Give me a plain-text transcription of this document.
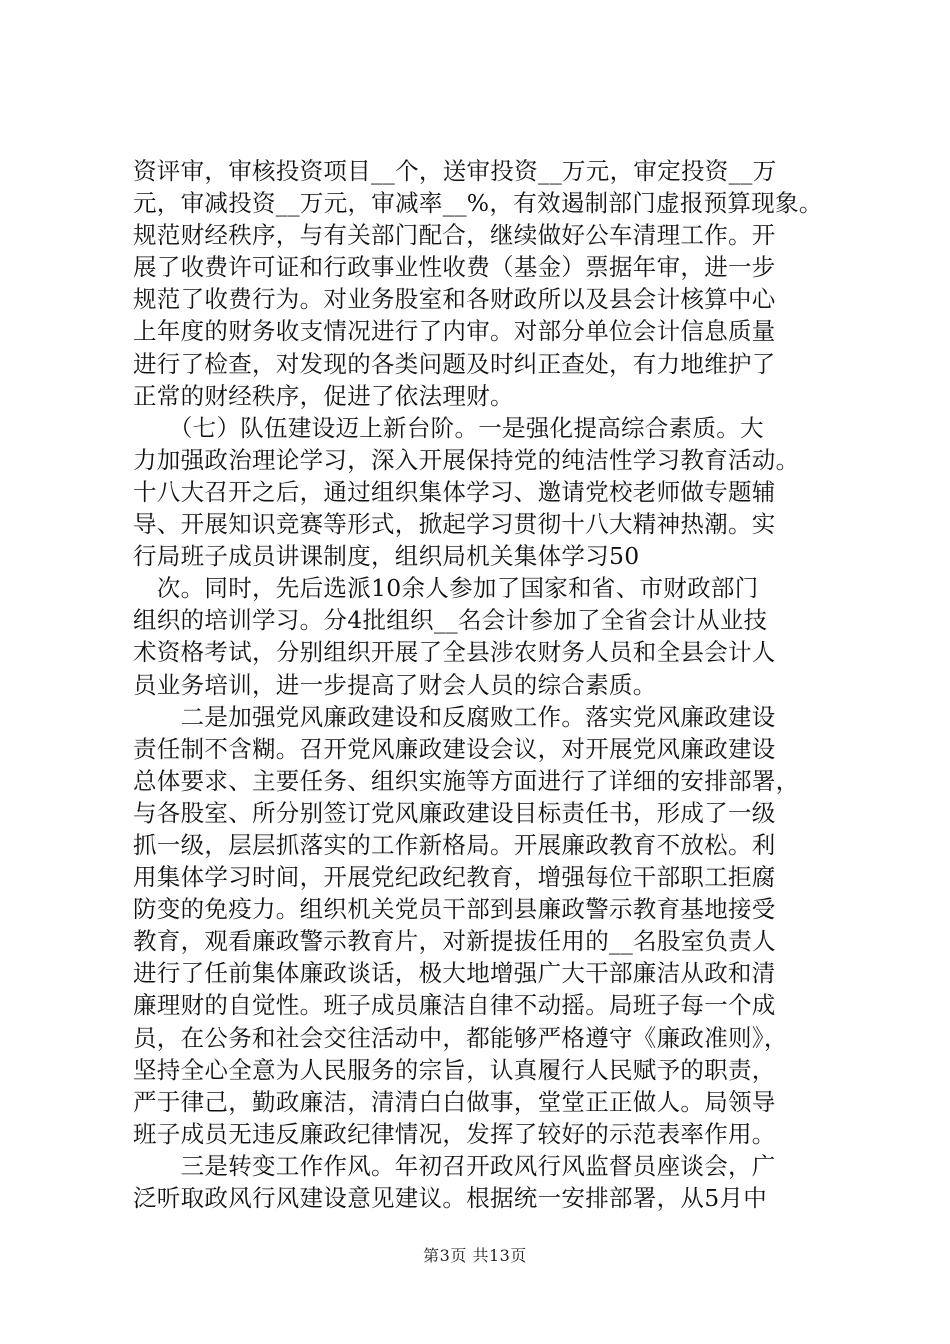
资评审，审核投资项目__个，送审投资__万元，审定投资__万
元，审减投资__万元，审减率__%，有效遏制部门虚报预算现象。
规范财经秩序，与有关部门配合，继续做好公车清理工作。开
展了收费许可证和行政事业性收费（基金）票据年审，进一步
规范了收费行为。对业务股室和各财政所以及县会计核算中心
上年度的财务收支情况进行了内审。对部分单位会计信息质量
进行了检查，对发现的各类问题及时纠正查处，有力地维护了
正常的财经秩序，促进了依法理财。
　　（七）队伍建设迈上新台阶。一是强化提高综合素质。大
力加强政治理论学习，深入开展保持党的纯洁性学习教育活动。
十八大召开之后，通过组织集体学习、邀请党校老师做专题辅
导、开展知识竞赛等形式，掀起学习贯彻十八大精神热潮。实
行局班子成员讲课制度，组织局机关集体学习50
　次。同时，先后选派10余人参加了国家和省、市财政部门
组织的培训学习。分4批组织__名会计参加了全省会计从业技
术资格考试，分别组织开展了全县涉农财务人员和全县会计人
员业务培训，进一步提高了财会人员的综合素质。
　　二是加强党风廉政建设和反腐败工作。落实党风廉政建设
责任制不含糊。召开党风廉政建设会议，对开展党风廉政建设
总体要求、主要任务、组织实施等方面进行了详细的安排部署，
与各股室、所分别签订党风廉政建设目标责任书，形成了一级
抓一级，层层抓落实的工作新格局。开展廉政教育不放松。利
用集体学习时间，开展党纪政纪教育，增强每位干部职工拒腐
防变的免疫力。组织机关党员干部到县廉政警示教育基地接受
教育，观看廉政警示教育片，对新提拔任用的__名股室负责人
进行了任前集体廉政谈话，极大地增强广大干部廉洁从政和清
廉理财的自觉性。班子成员廉洁自律不动摇。局班子每一个成
员，在公务和社会交往活动中，都能够严格遵守《廉政准则》，
坚持全心全意为人民服务的宗旨，认真履行人民赋予的职责，
严于律己，勤政廉洁，清清白白做事，堂堂正正做人。局领导
班子成员无违反廉政纪律情况，发挥了较好的示范表率作用。
　　三是转变工作作风。年初召开政风行风监督员座谈会，广
泛听取政风行风建设意见建议。根据统一安排部署，从5月中
第3页 共13页
